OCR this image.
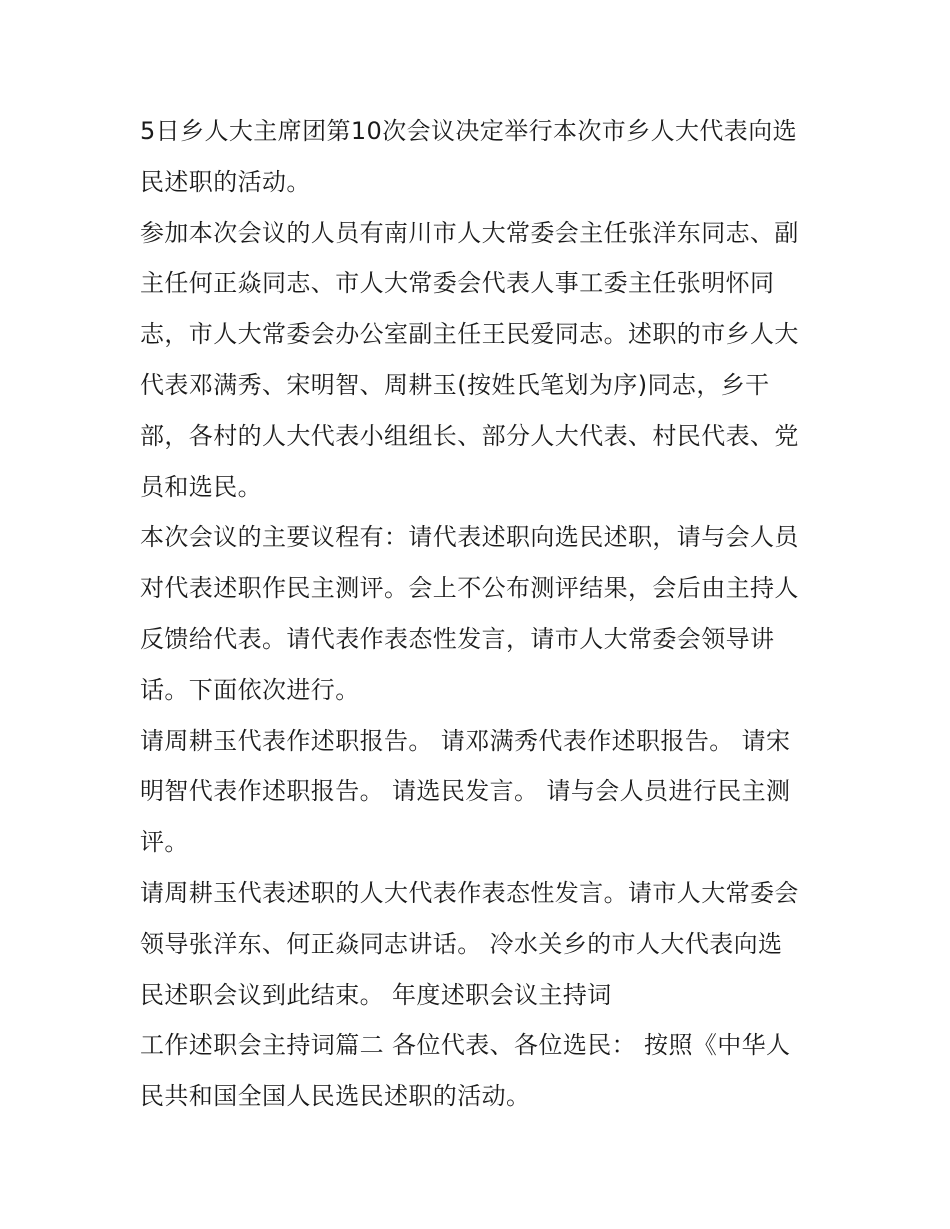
5日乡人大主席团第10次会议决定举行本次市乡人大代表向选
民述职的活动。

参加本次会议的人员有南川市人大常委会主任张洋东同志、副
主任何正焱同志、市人大常委会代表人事工委主任张明怀同
志，市人大常委会办公室副主任王民爱同志。述职的市乡人大
代表邓满秀、宋明智、周耕玉(按姓氏笔划为序)同志，乡干
部，各村的人大代表小组组长、部分人大代表、村民代表、党
员和选民。

本次会议的主要议程有：请代表述职向选民述职，请与会人员
对代表述职作民主测评。会上不公布测评结果，会后由主持人
反馈给代表。请代表作表态性发言，请市人大常委会领导讲
话。下面依次进行。

请周耕玉代表作述职报告。 请邓满秀代表作述职报告。 请宋
明智代表作述职报告。 请选民发言。 请与会人员进行民主测
评。

请周耕玉代表述职的人大代表作表态性发言。请市人大常委会
领导张洋东、何正焱同志讲话。 冷水关乡的市人大代表向选
民述职会议到此结束。 年度述职会议主持词

工作述职会主持词篇二 各位代表、各位选民： 按照《中华人
民共和国全国人民选民述职的活动。
